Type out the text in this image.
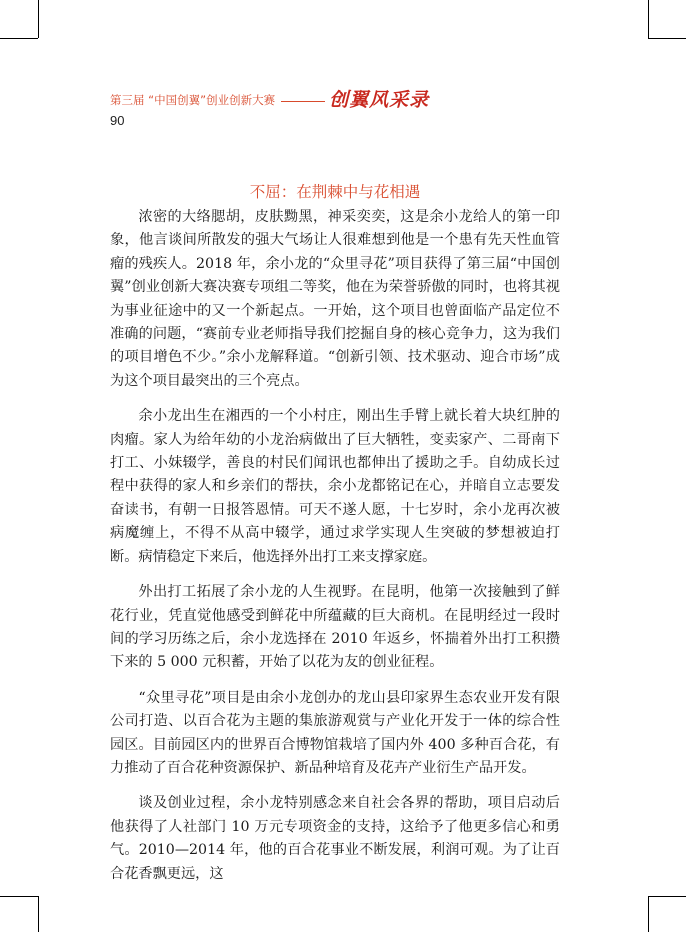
第三届 “中国创翼”创业创新大赛	创翼风采录
90
不屈：在荆棘中与花相遇

浓密的大络腮胡，皮肤黝黑，神采奕奕，这是余小龙给人的第一印象，他言谈间所散发的强大气场让人很难想到他是一个患有先天性血管瘤的残疾人。2018 年，余小龙的“众里寻花”项目获得了第三届“中国创翼”创业创新大赛决赛专项组二等奖，他在为荣誉骄傲的同时，也将其视为事业征途中的又一个新起点。一开始，这个项目也曾面临产品定位不准确的问题，“赛前专业老师指导我们挖掘自身的核心竞争力，这为我们的项目增色不少。”余小龙解释道。“创新引领、技术驱动、迎合市场”成为这个项目最突出的三个亮点。

余小龙出生在湘西的一个小村庄，刚出生手臂上就长着大块红肿的肉瘤。家人为给年幼的小龙治病做出了巨大牺牲，变卖家产、二哥南下打工、小妹辍学，善良的村民们闻讯也都伸出了援助之手。自幼成长过程中获得的家人和乡亲们的帮扶，余小龙都铭记在心，并暗自立志要发奋读书，有朝一日报答恩情。可天不遂人愿，十七岁时，余小龙再次被病魔缠上，不得不从高中辍学，通过求学实现人生突破的梦想被迫打断。病情稳定下来后，他选择外出打工来支撑家庭。

外出打工拓展了余小龙的人生视野。在昆明，他第一次接触到了鲜花行业，凭直觉他感受到鲜花中所蕴藏的巨大商机。在昆明经过一段时间的学习历练之后，余小龙选择在 2010 年返乡，怀揣着外出打工积攒下来的 5 000 元积蓄，开始了以花为友的创业征程。

“众里寻花”项目是由余小龙创办的龙山县印家界生态农业开发有限公司打造、以百合花为主题的集旅游观赏与产业化开发于一体的综合性园区。目前园区内的世界百合博物馆栽培了国内外 400 多种百合花，有力推动了百合花种资源保护、新品种培育及花卉产业衍生产品开发。

谈及创业过程，余小龙特别感念来自社会各界的帮助，项目启动后他获得了人社部门 10 万元专项资金的支持，这给予了他更多信心和勇气。2010—2014 年，他的百合花事业不断发展，利润可观。为了让百合花香飘更远，这
